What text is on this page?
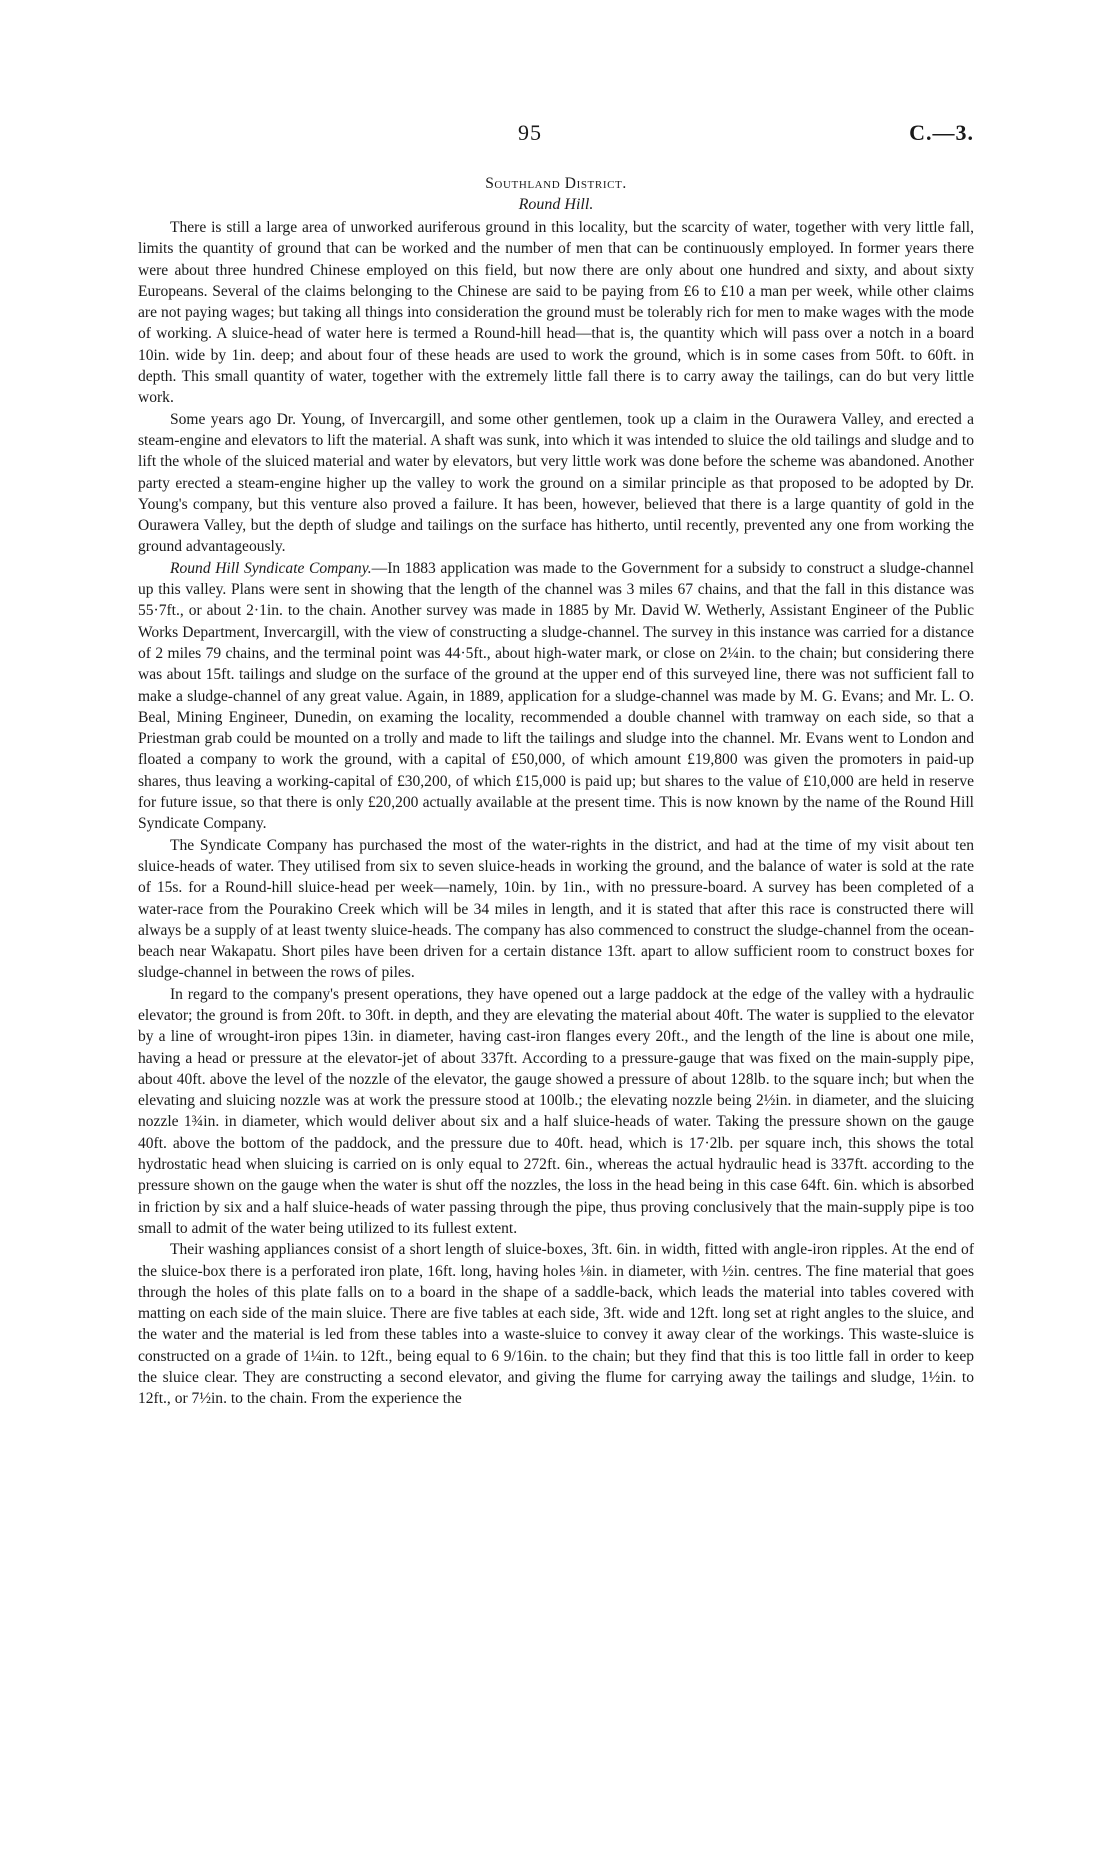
95	C.—3.
Southland District.
Round Hill.

There is still a large area of unworked auriferous ground in this locality, but the scarcity of water, together with very little fall, limits the quantity of ground that can be worked and the number of men that can be continuously employed. In former years there were about three hundred Chinese employed on this field, but now there are only about one hundred and sixty, and about sixty Europeans. Several of the claims belonging to the Chinese are said to be paying from £6 to £10 a man per week, while other claims are not paying wages; but taking all things into consideration the ground must be tolerably rich for men to make wages with the mode of working. A sluice-head of water here is termed a Round-hill head—that is, the quantity which will pass over a notch in a board 10in. wide by 1in. deep; and about four of these heads are used to work the ground, which is in some cases from 50ft. to 60ft. in depth. This small quantity of water, together with the extremely little fall there is to carry away the tailings, can do but very little work.

Some years ago Dr. Young, of Invercargill, and some other gentlemen, took up a claim in the Ourawera Valley, and erected a steam-engine and elevators to lift the material. A shaft was sunk, into which it was intended to sluice the old tailings and sludge and to lift the whole of the sluiced material and water by elevators, but very little work was done before the scheme was abandoned. Another party erected a steam-engine higher up the valley to work the ground on a similar principle as that proposed to be adopted by Dr. Young's company, but this venture also proved a failure. It has been, however, believed that there is a large quantity of gold in the Ourawera Valley, but the depth of sludge and tailings on the surface has hitherto, until recently, prevented any one from working the ground advantageously.

Round Hill Syndicate Company.—In 1883 application was made to the Government for a subsidy to construct a sludge-channel up this valley. Plans were sent in showing that the length of the channel was 3 miles 67 chains, and that the fall in this distance was 55·7ft., or about 2·1in. to the chain. Another survey was made in 1885 by Mr. David W. Wetherly, Assistant Engineer of the Public Works Department, Invercargill, with the view of constructing a sludge-channel. The survey in this instance was carried for a distance of 2 miles 79 chains, and the terminal point was 44·5ft., about high-water mark, or close on 2¼in. to the chain; but considering there was about 15ft. tailings and sludge on the surface of the ground at the upper end of this surveyed line, there was not sufficient fall to make a sludge-channel of any great value. Again, in 1889, application for a sludge-channel was made by M. G. Evans; and Mr. L. O. Beal, Mining Engineer, Dunedin, on examing the locality, recommended a double channel with tramway on each side, so that a Priestman grab could be mounted on a trolly and made to lift the tailings and sludge into the channel. Mr. Evans went to London and floated a company to work the ground, with a capital of £50,000, of which amount £19,800 was given the promoters in paid-up shares, thus leaving a working-capital of £30,200, of which £15,000 is paid up; but shares to the value of £10,000 are held in reserve for future issue, so that there is only £20,200 actually available at the present time. This is now known by the name of the Round Hill Syndicate Company.

The Syndicate Company has purchased the most of the water-rights in the district, and had at the time of my visit about ten sluice-heads of water. They utilised from six to seven sluice-heads in working the ground, and the balance of water is sold at the rate of 15s. for a Round-hill sluice-head per week—namely, 10in. by 1in., with no pressure-board. A survey has been completed of a water-race from the Pourakino Creek which will be 34 miles in length, and it is stated that after this race is constructed there will always be a supply of at least twenty sluice-heads. The company has also commenced to construct the sludge-channel from the ocean-beach near Wakapatu. Short piles have been driven for a certain distance 13ft. apart to allow sufficient room to construct boxes for sludge-channel in between the rows of piles.

In regard to the company's present operations, they have opened out a large paddock at the edge of the valley with a hydraulic elevator; the ground is from 20ft. to 30ft. in depth, and they are elevating the material about 40ft. The water is supplied to the elevator by a line of wrought-iron pipes 13in. in diameter, having cast-iron flanges every 20ft., and the length of the line is about one mile, having a head or pressure at the elevator-jet of about 337ft. According to a pressure-gauge that was fixed on the main-supply pipe, about 40ft. above the level of the nozzle of the elevator, the gauge showed a pressure of about 128lb. to the square inch; but when the elevating and sluicing nozzle was at work the pressure stood at 100lb.; the elevating nozzle being 2½in. in diameter, and the sluicing nozzle 1¾in. in diameter, which would deliver about six and a half sluice-heads of water. Taking the pressure shown on the gauge 40ft. above the bottom of the paddock, and the pressure due to 40ft. head, which is 17·2lb. per square inch, this shows the total hydrostatic head when sluicing is carried on is only equal to 272ft. 6in., whereas the actual hydraulic head is 337ft. according to the pressure shown on the gauge when the water is shut off the nozzles, the loss in the head being in this case 64ft. 6in. which is absorbed in friction by six and a half sluice-heads of water passing through the pipe, thus proving conclusively that the main-supply pipe is too small to admit of the water being utilized to its fullest extent.

Their washing appliances consist of a short length of sluice-boxes, 3ft. 6in. in width, fitted with angle-iron ripples. At the end of the sluice-box there is a perforated iron plate, 16ft. long, having holes ⅛in. in diameter, with ½in. centres. The fine material that goes through the holes of this plate falls on to a board in the shape of a saddle-back, which leads the material into tables covered with matting on each side of the main sluice. There are five tables at each side, 3ft. wide and 12ft. long set at right angles to the sluice, and the water and the material is led from these tables into a waste-sluice to convey it away clear of the workings. This waste-sluice is constructed on a grade of 1¼in. to 12ft., being equal to 6 9/16in. to the chain; but they find that this is too little fall in order to keep the sluice clear. They are constructing a second elevator, and giving the flume for carrying away the tailings and sludge, 1½in. to 12ft., or 7½in. to the chain. From the experience the
